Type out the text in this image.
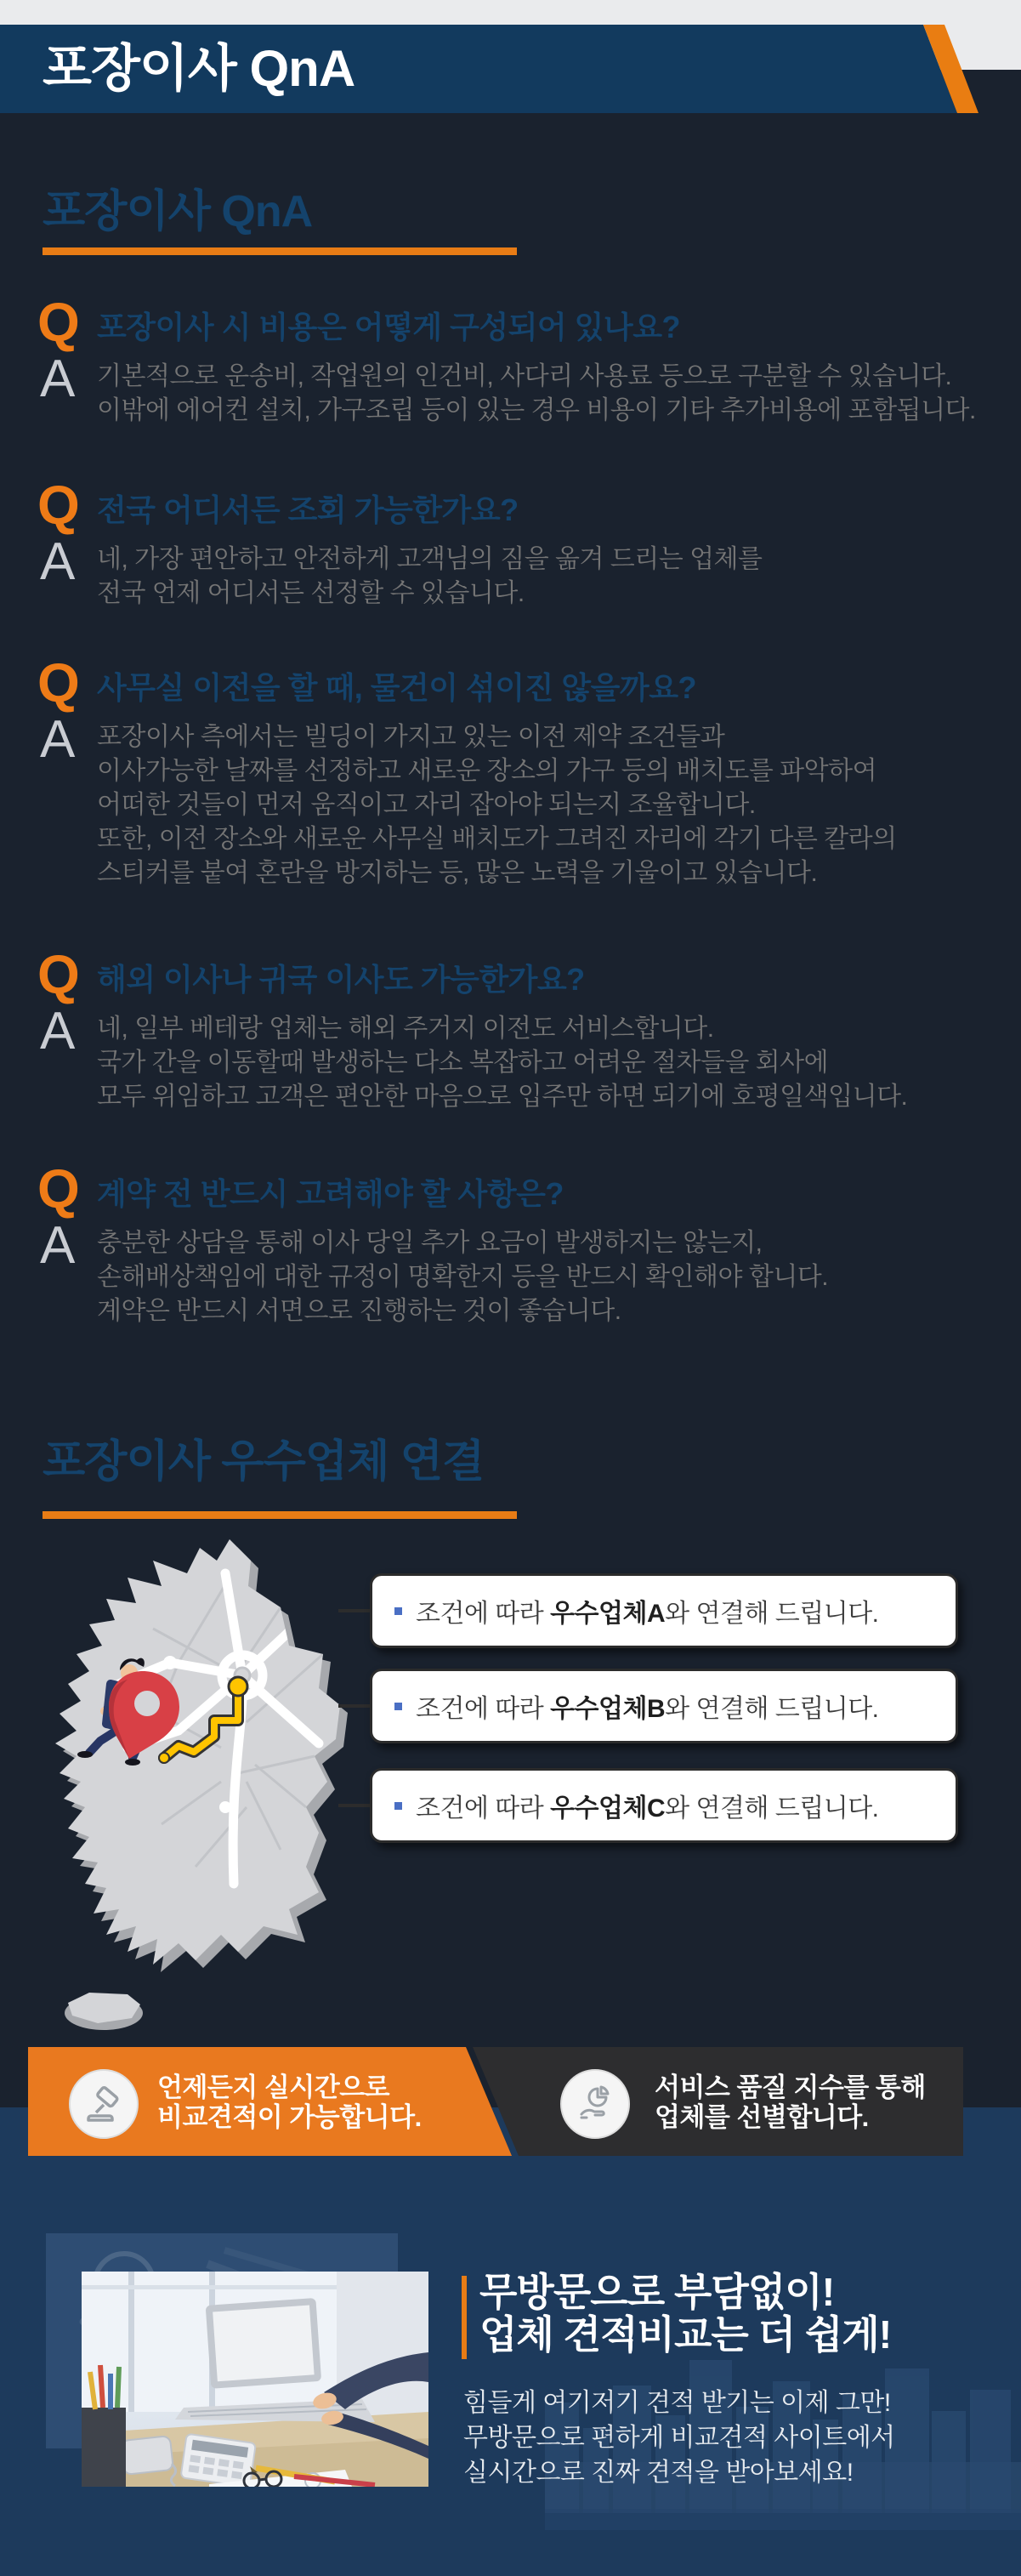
포장이사 QnA
포장이사 QnA
Q 포장이사 시 비용은 어떻게 구성되어 있나요?
A 기본적으로 운송비, 작업원의 인건비, 사다리 사용료 등으로 구분할 수 있습니다.
이밖에 에어컨 설치, 가구조립 등이 있는 경우 비용이 기타 추가비용에 포함됩니다.
Q 전국 어디서든 조회 가능한가요?
A 네, 가장 편안하고 안전하게 고객님의 짐을 옮겨 드리는 업체를
전국 언제 어디서든 선정할 수 있습니다.
Q 사무실 이전을 할 때, 물건이 섞이진 않을까요?
A 포장이사 측에서는 빌딩이 가지고 있는 이전 제약 조건들과
이사가능한 날짜를 선정하고 새로운 장소의 가구 등의 배치도를 파악하여
어떠한 것들이 먼저 움직이고 자리 잡아야 되는지 조율합니다.
또한, 이전 장소와 새로운 사무실 배치도가 그려진 자리에 각기 다른 칼라의
스티커를 붙여 혼란을 방지하는 등, 많은 노력을 기울이고 있습니다.
Q 해외 이사나 귀국 이사도 가능한가요?
A 네, 일부 베테랑 업체는 해외 주거지 이전도 서비스합니다.
국가 간을 이동할때 발생하는 다소 복잡하고 어려운 절차들을 회사에
모두 위임하고 고객은 편안한 마음으로 입주만 하면 되기에 호평일색입니다.
Q 계약 전 반드시 고려해야 할 사항은?
A 충분한 상담을 통해 이사 당일 추가 요금이 발생하지는 않는지,
손해배상책임에 대한 규정이 명확한지 등을 반드시 확인해야 합니다.
계약은 반드시 서면으로 진행하는 것이 좋습니다.
포장이사 우수업체 연결
조건에 따라 우수업체A와 연결해 드립니다.
조건에 따라 우수업체B와 연결해 드립니다.
조건에 따라 우수업체C와 연결해 드립니다.
언제든지 실시간으로
비교견적이 가능합니다.
서비스 품질 지수를 통해
업체를 선별합니다.
무방문으로 부담없이!
업체 견적비교는 더 쉽게!
힘들게 여기저기 견적 받기는 이제 그만!
무방문으로 편하게 비교견적 사이트에서
실시간으로 진짜 견적을 받아보세요!
